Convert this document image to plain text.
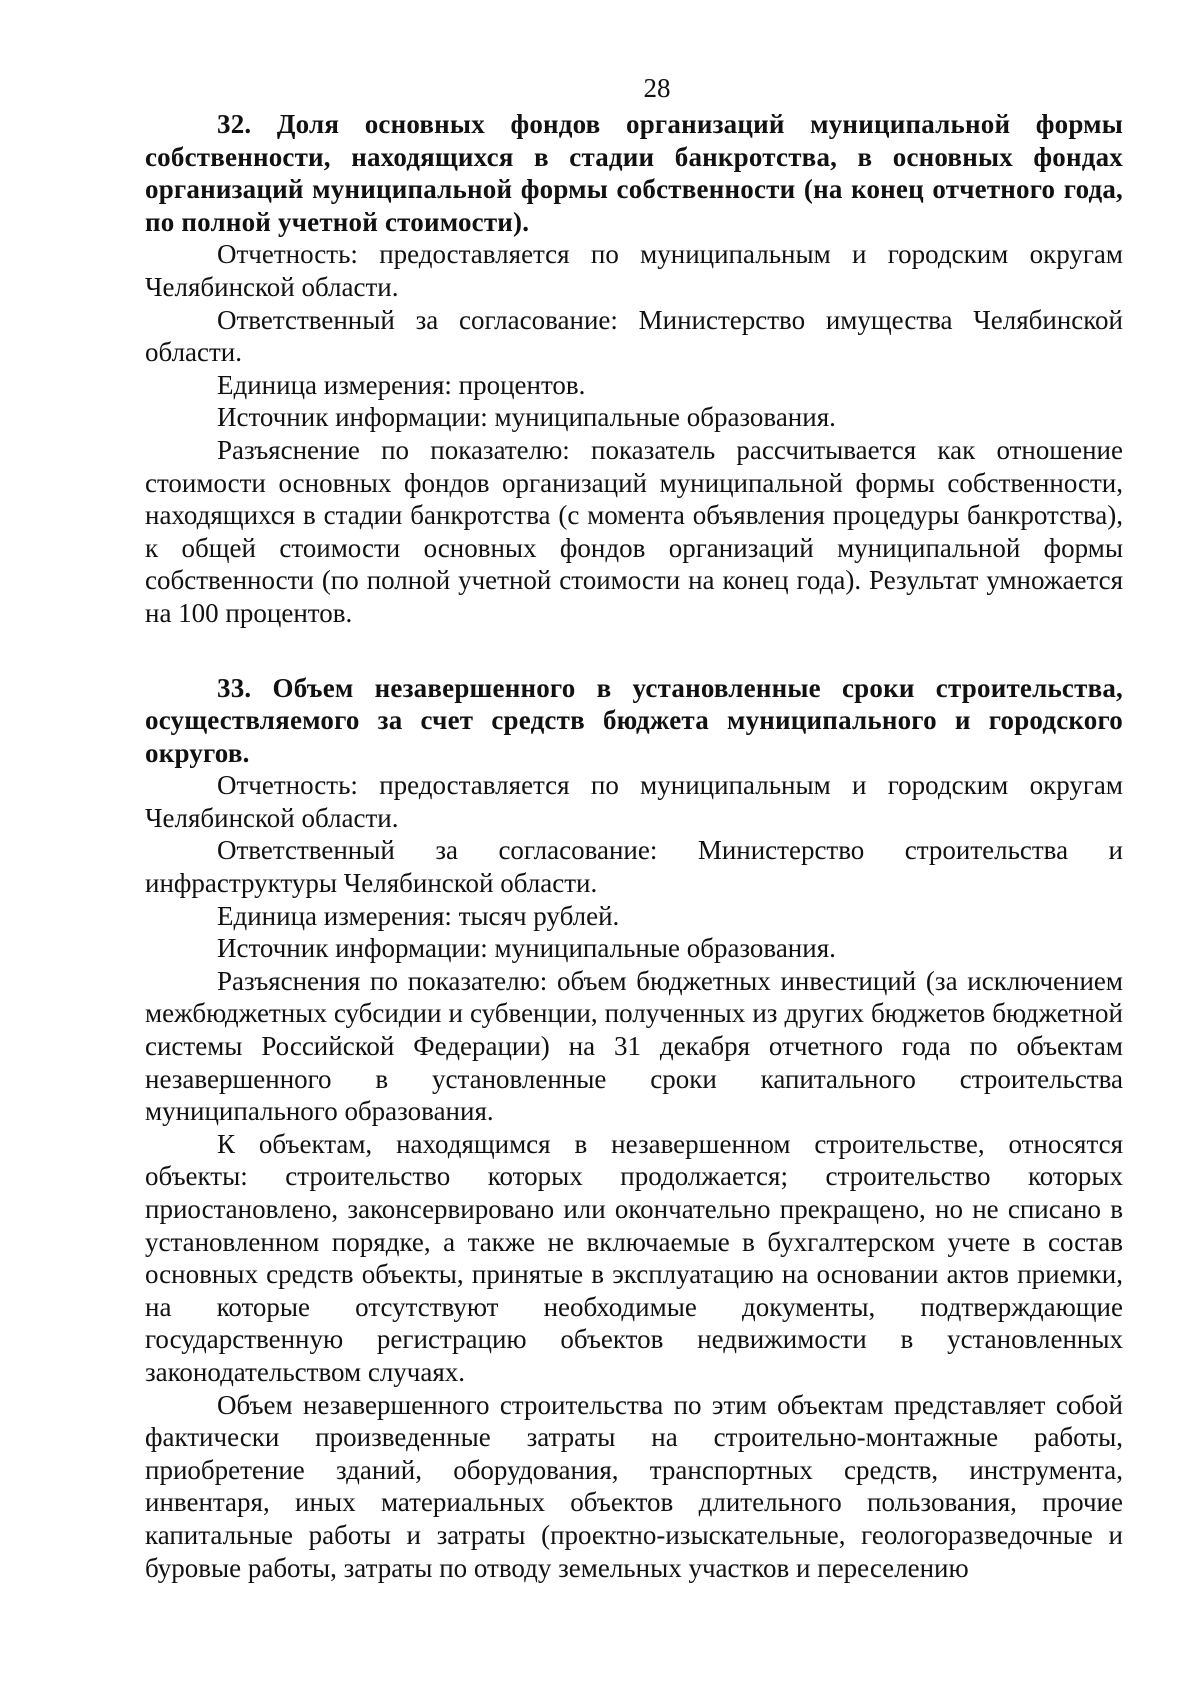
28

32. Доля основных фондов организаций муниципальной формы собственности, находящихся в стадии банкротства, в основных фондах организаций муниципальной формы собственности (на конец отчетного года, по полной учетной стоимости).

Отчетность: предоставляется по муниципальным и городским округам Челябинской области.

Ответственный за согласование: Министерство имущества Челябинской области.

Единица измерения: процентов.

Источник информации: муниципальные образования.

Разъяснение по показателю: показатель рассчитывается как отношение стоимости основных фондов организаций муниципальной формы собственности, находящихся в стадии банкротства (с момента объявления процедуры банкротства), к общей стоимости основных фондов организаций муниципальной формы собственности (по полной учетной стоимости на конец года). Результат умножается на 100 процентов.

33. Объем незавершенного в установленные сроки строительства, осуществляемого за счет средств бюджета муниципального и городского округов.

Отчетность: предоставляется по муниципальным и городским округам Челябинской области.

Ответственный за согласование: Министерство строительства и инфраструктуры Челябинской области.

Единица измерения: тысяч рублей.

Источник информации: муниципальные образования.

Разъяснения по показателю: объем бюджетных инвестиций (за исключением межбюджетных субсидии и субвенции, полученных из других бюджетов бюджетной системы Российской Федерации) на 31 декабря отчетного года по объектам незавершенного в установленные сроки капитального строительства муниципального образования.

К объектам, находящимся в незавершенном строительстве, относятся объекты: строительство которых продолжается; строительство которых приостановлено, законсервировано или окончательно прекращено, но не списано в установленном порядке, а также не включаемые в бухгалтерском учете в состав основных средств объекты, принятые в эксплуатацию на основании актов приемки, на которые отсутствуют необходимые документы, подтверждающие государственную регистрацию объектов недвижимости в установленных законодательством случаях.

Объем незавершенного строительства по этим объектам представляет собой фактически произведенные затраты на строительно-монтажные работы, приобретение зданий, оборудования, транспортных средств, инструмента, инвентаря, иных материальных объектов длительного пользования, прочие капитальные работы и затраты (проектно-изыскательные, геологоразведочные и буровые работы, затраты по отводу земельных участков и переселению
